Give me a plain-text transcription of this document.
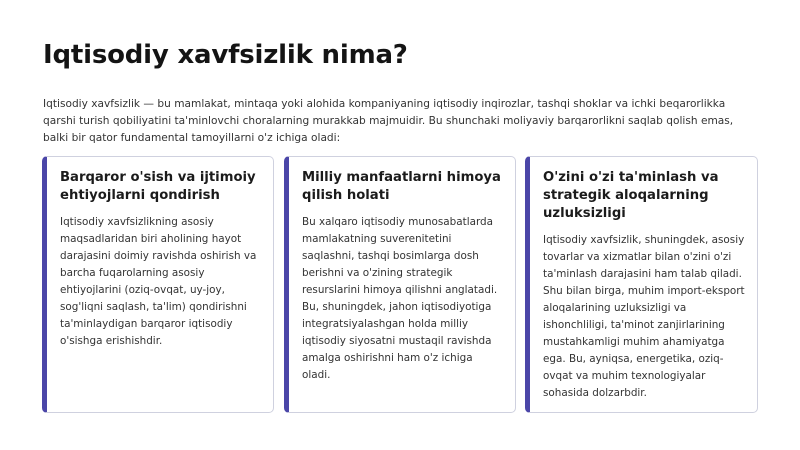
Iqtisodiy xavfsizlik nima?

Iqtisodiy xavfsizlik — bu mamlakat, mintaqa yoki alohida kompaniyaning iqtisodiy inqirozlar, tashqi shoklar va ichki beqarorlikka qarshi turish qobiliyatini ta'minlovchi choralarning murakkab majmuidir. Bu shunchaki moliyaviy barqarorlikni saqlab qolish emas, balki bir qator fundamental tamoyillarni o'z ichiga oladi:

Barqaror o'sish va ijtimoiy ehtiyojlarni qondirish

Iqtisodiy xavfsizlikning asosiy maqsadlaridan biri aholining hayot darajasini doimiy ravishda oshirish va barcha fuqarolarning asosiy ehtiyojlarini (oziq-ovqat, uy-joy, sog'liqni saqlash, ta'lim) qondirishni ta'minlaydigan barqaror iqtisodiy o'sishga erishishdir.

Milliy manfaatlarni himoya qilish holati

Bu xalqaro iqtisodiy munosabatlarda mamlakatning suverenitetini saqlashni, tashqi bosimlarga dosh berishni va o'zining strategik resurslarini himoya qilishni anglatadi. Bu, shuningdek, jahon iqtisodiyotiga integratsiyalashgan holda milliy iqtisodiy siyosatni mustaqil ravishda amalga oshirishni ham o'z ichiga oladi.

O'zini o'zi ta'minlash va strategik aloqalarning uzluksizligi

Iqtisodiy xavfsizlik, shuningdek, asosiy tovarlar va xizmatlar bilan o'zini o'zi ta'minlash darajasini ham talab qiladi. Shu bilan birga, muhim import-eksport aloqalarining uzluksizligi va ishonchliligi, ta'minot zanjirlarining mustahkamligi muhim ahamiyatga ega. Bu, ayniqsa, energetika, oziq-ovqat va muhim texnologiyalar sohasida dolzarbdir.
